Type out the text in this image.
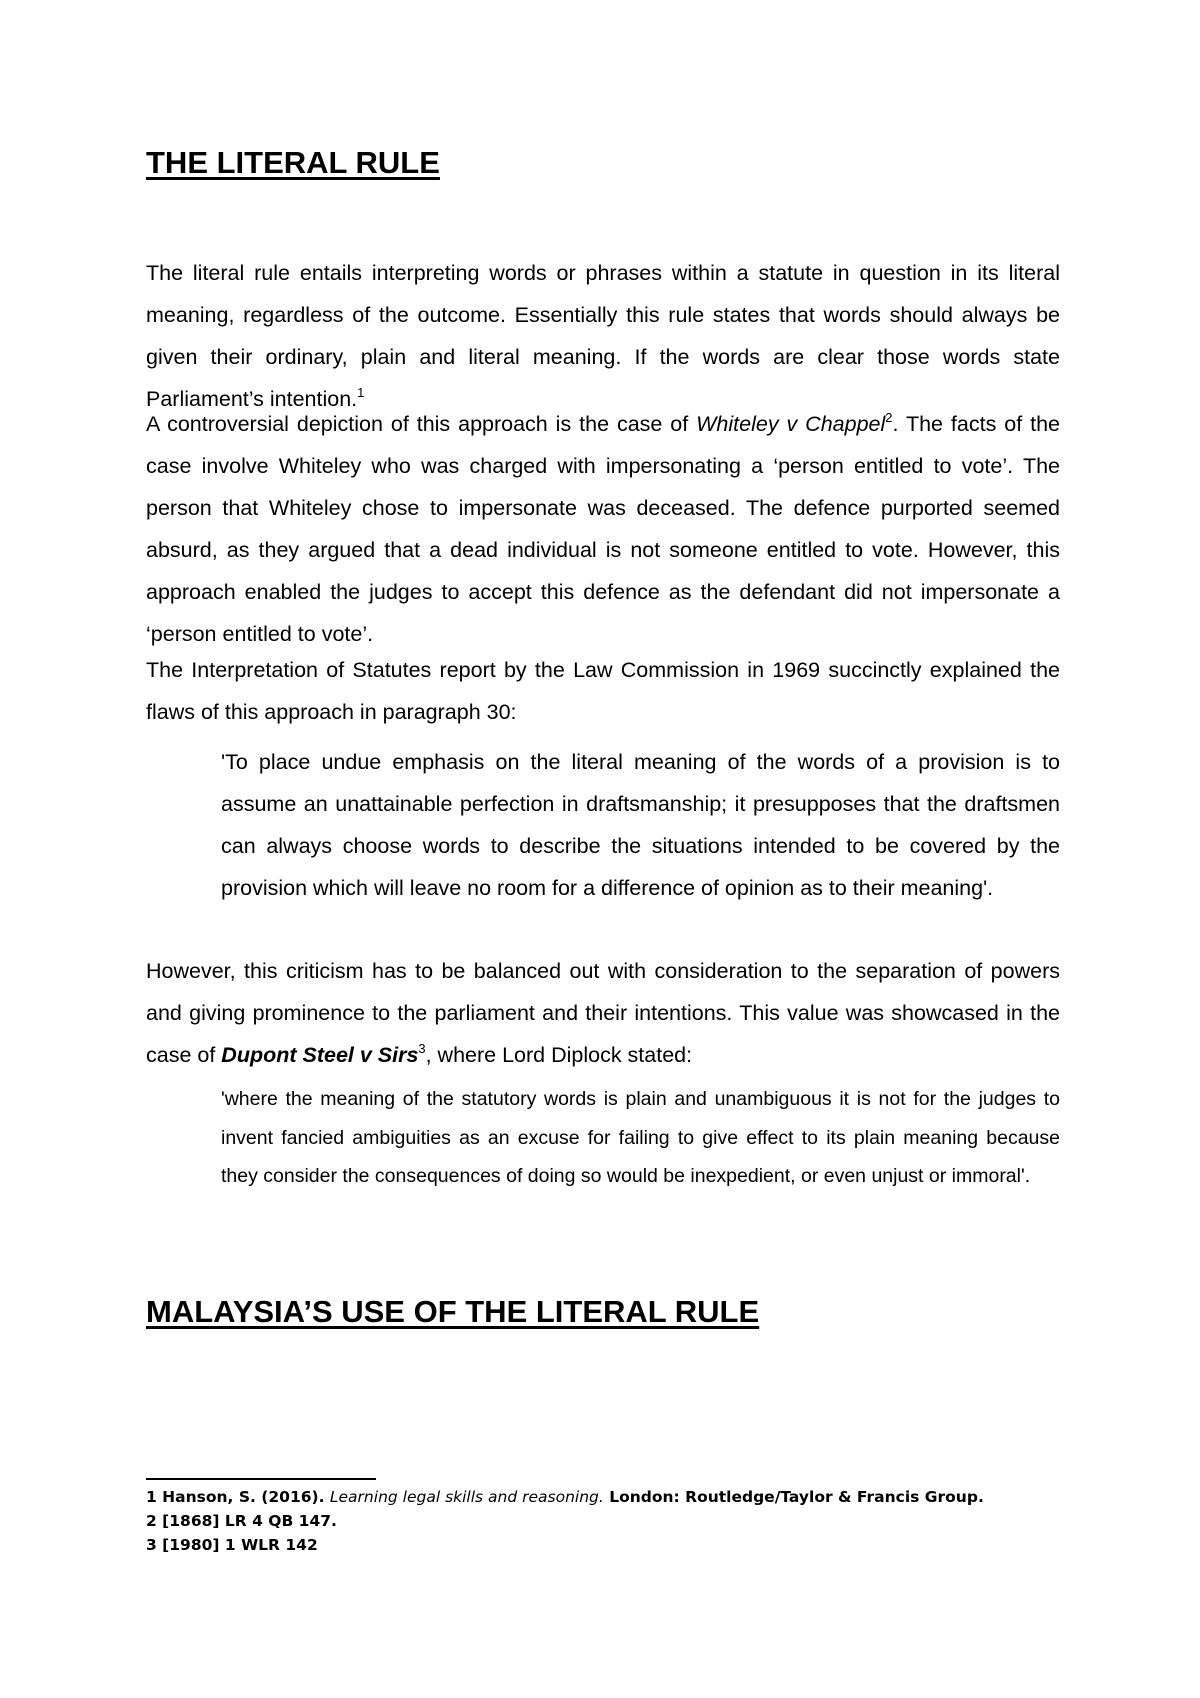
THE LITERAL RULE

The literal rule entails interpreting words or phrases within a statute in question in its literal meaning, regardless of the outcome. Essentially this rule states that words should always be given their ordinary, plain and literal meaning. If the words are clear those words state Parliament’s intention.$^1$

A controversial depiction of this approach is the case of Whiteley v Chappel$^2$. The facts of the case involve Whiteley who was charged with impersonating a ‘person entitled to vote’. The person that Whiteley chose to impersonate was deceased. The defence purported seemed absurd, as they argued that a dead individual is not someone entitled to vote. However, this approach enabled the judges to accept this defence as the defendant did not impersonate a ‘person entitled to vote’.

The Interpretation of Statutes report by the Law Commission in 1969 succinctly explained the flaws of this approach in paragraph 30:

'To place undue emphasis on the literal meaning of the words of a provision is to assume an unattainable perfection in draftsmanship; it presupposes that the draftsmen can always choose words to describe the situations intended to be covered by the provision which will leave no room for a difference of opinion as to their meaning'.

However, this criticism has to be balanced out with consideration to the separation of powers and giving prominence to the parliament and their intentions. This value was showcased in the case of Dupont Steel v Sirs$^3$, where Lord Diplock stated:

'where the meaning of the statutory words is plain and unambiguous it is not for the judges to invent fancied ambiguities as an excuse for failing to give effect to its plain meaning because they consider the consequences of doing so would be inexpedient, or even unjust or immoral'.

MALAYSIA’S USE OF THE LITERAL RULE
1 Hanson, S. (2016). Learning legal skills and reasoning. London: Routledge/Taylor & Francis Group.
2 [1868] LR 4 QB 147.
3 [1980] 1 WLR 142
